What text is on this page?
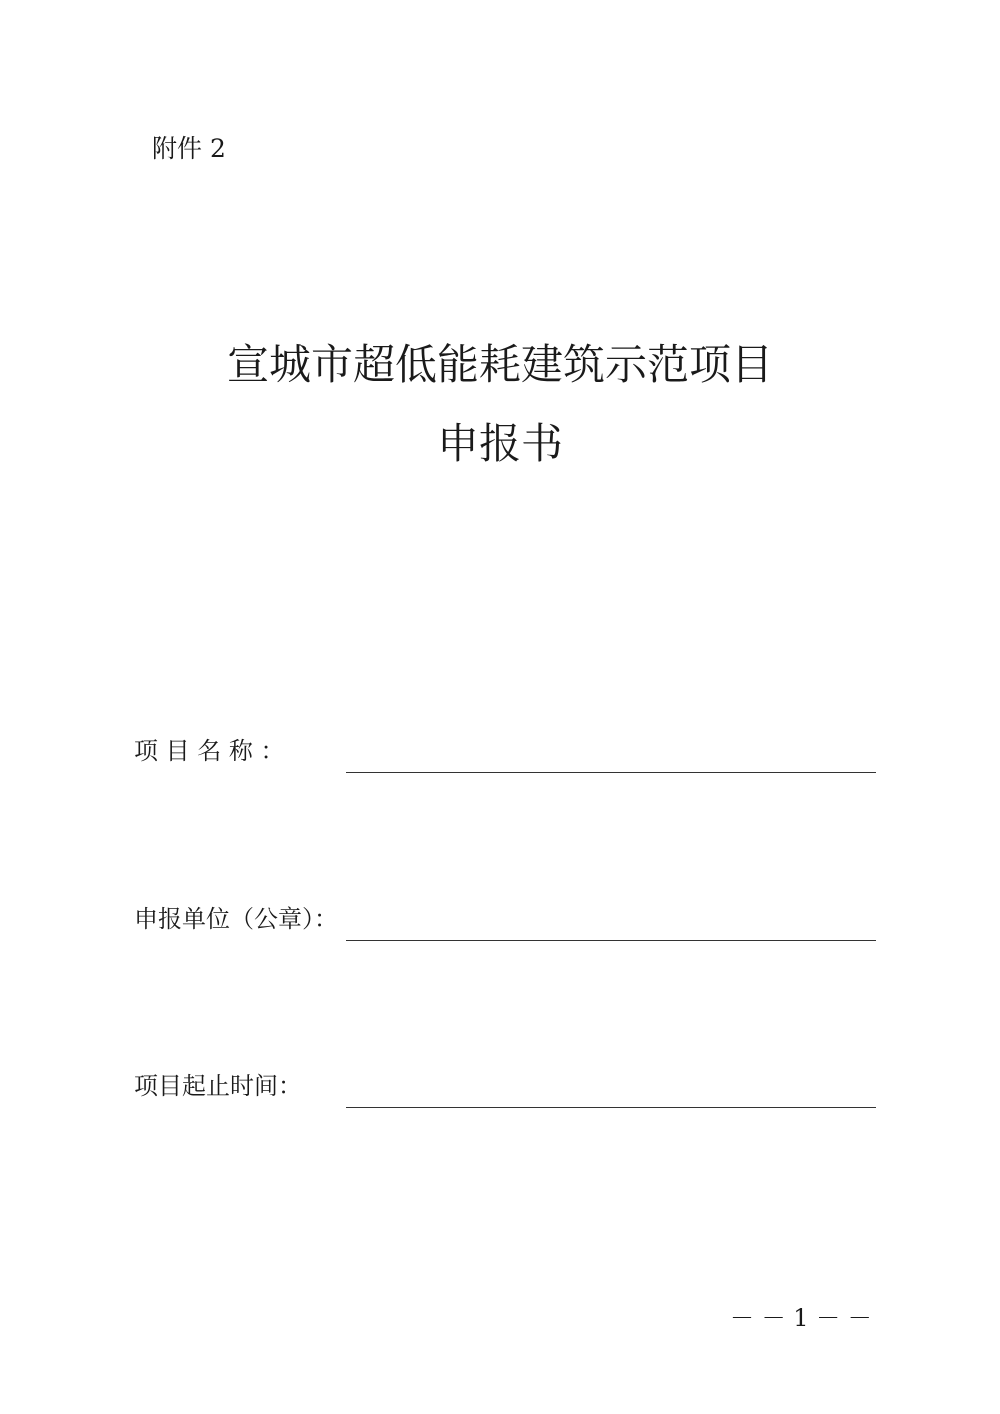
附件 2
宣城市超低能耗建筑示范项目
申报书
项 目 名 称 ：
申报单位（公章）：
项目起止时间：
－ － 1 － －
